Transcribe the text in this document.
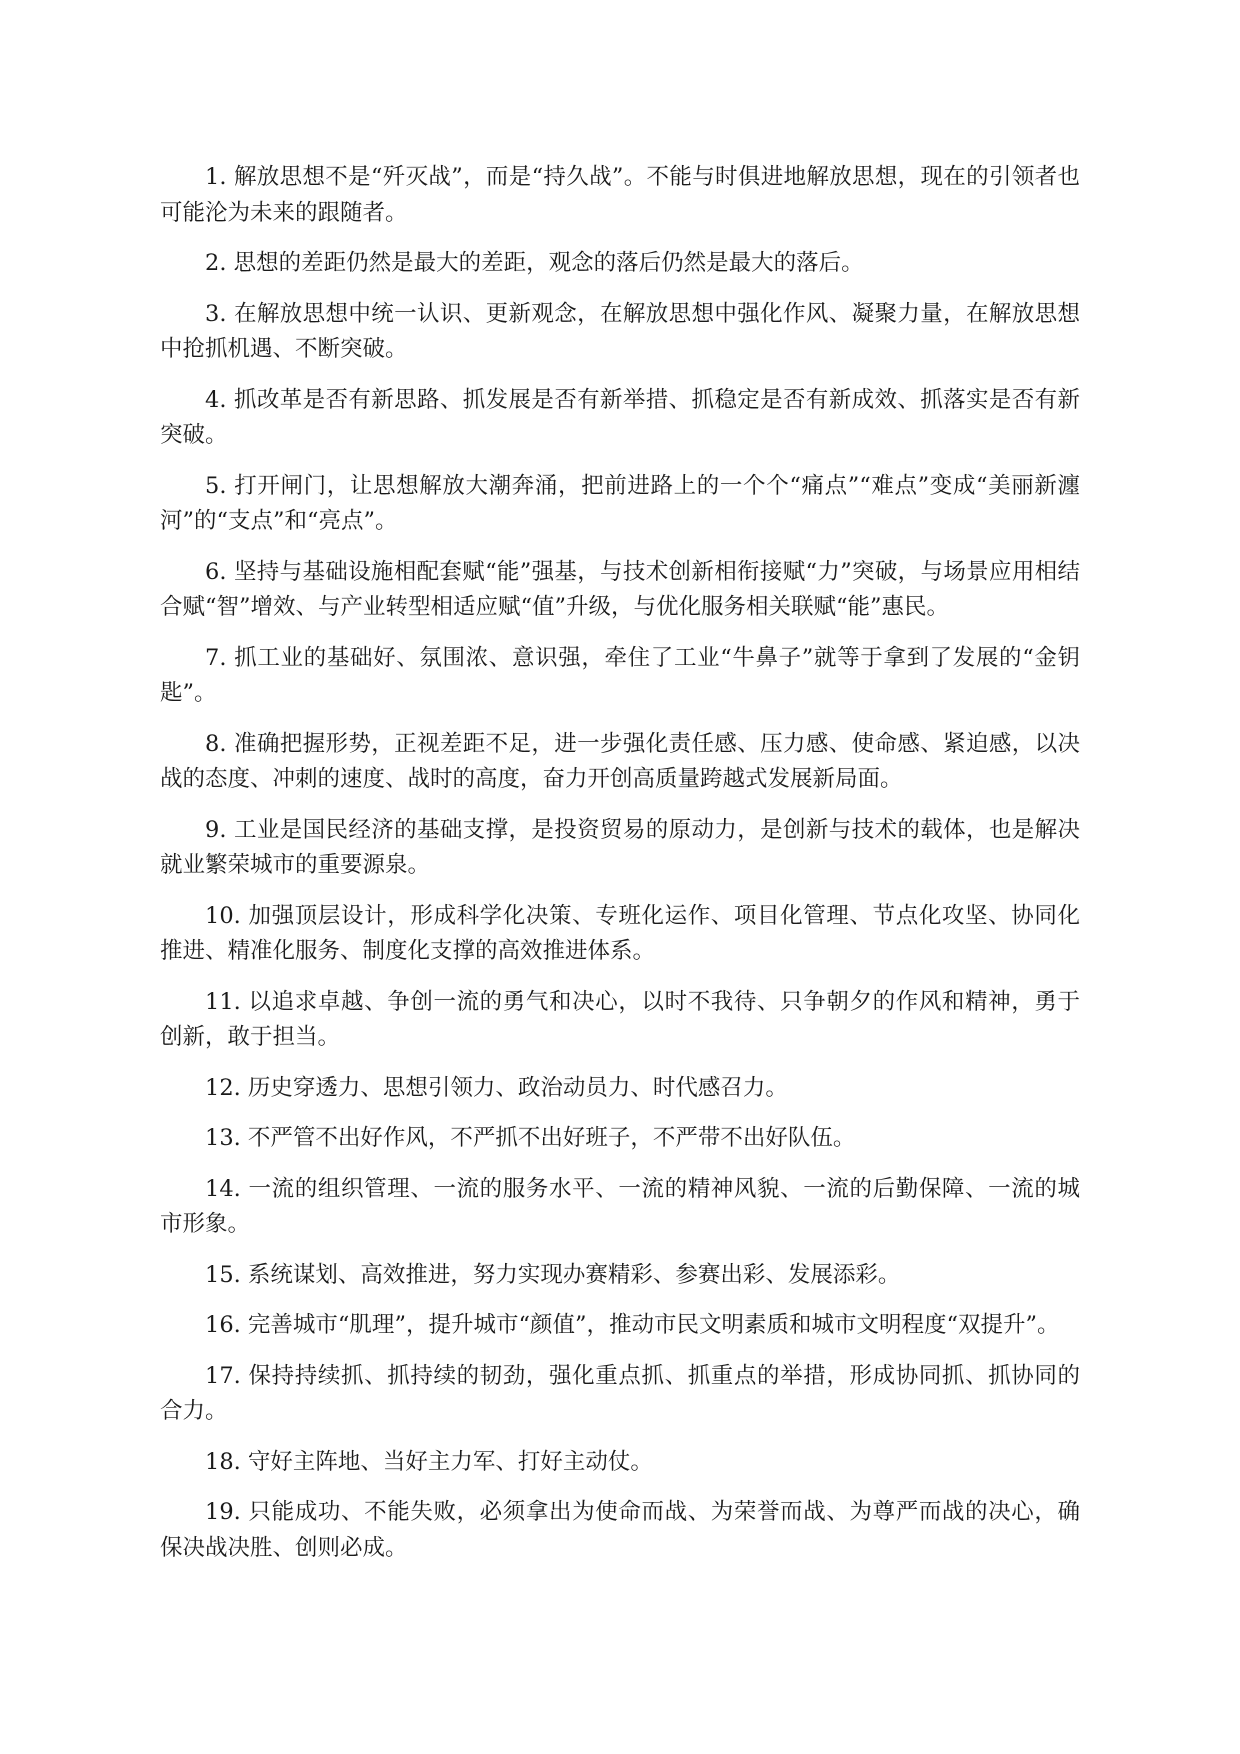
1. 解放思想不是“歼灭战”，而是“持久战”。不能与时俱进地解放思想，现在的引领者也可能沦为未来的跟随者。

2. 思想的差距仍然是最大的差距，观念的落后仍然是最大的落后。

3. 在解放思想中统一认识、更新观念，在解放思想中强化作风、凝聚力量，在解放思想中抢抓机遇、不断突破。

4. 抓改革是否有新思路、抓发展是否有新举措、抓稳定是否有新成效、抓落实是否有新突破。

5. 打开闸门，让思想解放大潮奔涌，把前进路上的一个个“痛点”“难点”变成“美丽新瀍河”的“支点”和“亮点”。

6. 坚持与基础设施相配套赋“能”强基，与技术创新相衔接赋“力”突破，与场景应用相结合赋“智”增效、与产业转型相适应赋“值”升级，与优化服务相关联赋“能”惠民。

7. 抓工业的基础好、氛围浓、意识强，牵住了工业“牛鼻子”就等于拿到了发展的“金钥匙”。

8. 准确把握形势，正视差距不足，进一步强化责任感、压力感、使命感、紧迫感，以决战的态度、冲刺的速度、战时的高度，奋力开创高质量跨越式发展新局面。

9. 工业是国民经济的基础支撑，是投资贸易的原动力，是创新与技术的载体，也是解决就业繁荣城市的重要源泉。

10. 加强顶层设计，形成科学化决策、专班化运作、项目化管理、节点化攻坚、协同化推进、精准化服务、制度化支撑的高效推进体系。

11. 以追求卓越、争创一流的勇气和决心，以时不我待、只争朝夕的作风和精神，勇于创新，敢于担当。

12. 历史穿透力、思想引领力、政治动员力、时代感召力。

13. 不严管不出好作风，不严抓不出好班子，不严带不出好队伍。

14. 一流的组织管理、一流的服务水平、一流的精神风貌、一流的后勤保障、一流的城市形象。

15. 系统谋划、高效推进，努力实现办赛精彩、参赛出彩、发展添彩。

16. 完善城市“肌理”，提升城市“颜值”，推动市民文明素质和城市文明程度“双提升”。

17. 保持持续抓、抓持续的韧劲，强化重点抓、抓重点的举措，形成协同抓、抓协同的合力。

18. 守好主阵地、当好主力军、打好主动仗。

19. 只能成功、不能失败，必须拿出为使命而战、为荣誉而战、为尊严而战的决心，确保决战决胜、创则必成。
